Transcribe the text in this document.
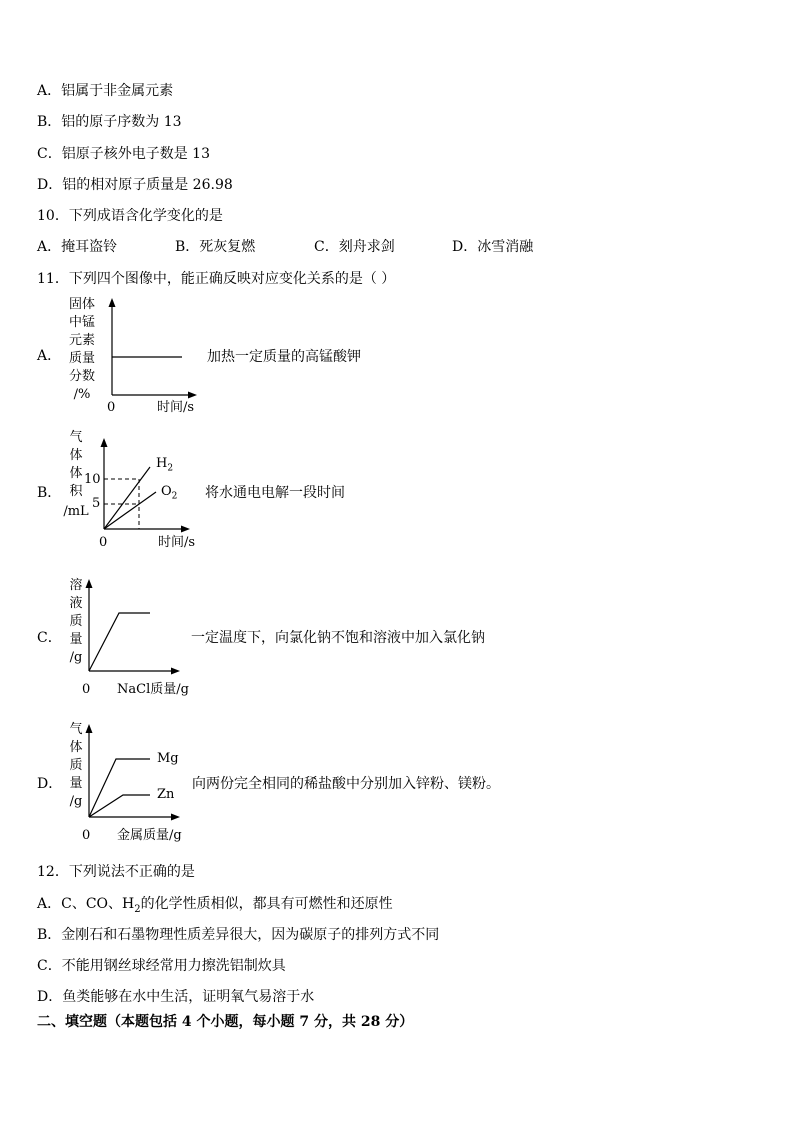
A．铝属于非金属元素
B．铝的原子序数为 13
C．铝原子核外电子数是 13
D．铝的相对原子质量是 26.98
10．下列成语含化学变化的是
A．掩耳盗铃	B．死灰复燃	C．刻舟求剑	D．冰雪消融
11．下列四个图像中，能正确反映对应变化关系的是（ ）
A．
固体
中锰
元素
质量
分数
/%
0	时间/s
加热一定质量的高锰酸钾
B．
气
体
体
积
/mL
10
5
$H_2$
$O_2$
0	时间/s
将水通电电解一段时间
C．
溶
液
质
量
/g
0 NaCl质量/g
一定温度下，向氯化钠不饱和溶液中加入氯化钠
D．
气
体
质
量
/g
Mg
Zn
0 金属质量/g
向两份完全相同的稀盐酸中分别加入锌粉、镁粉。
12．下列说法不正确的是
A．C、CO、$H_2$的化学性质相似，都具有可燃性和还原性
B．金刚石和石墨物理性质差异很大，因为碳原子的排列方式不同
C．不能用钢丝球经常用力擦洗铝制炊具
D．鱼类能够在水中生活，证明氧气易溶于水
二、填空题（本题包括 4 个小题，每小题 7 分，共 28 分）
